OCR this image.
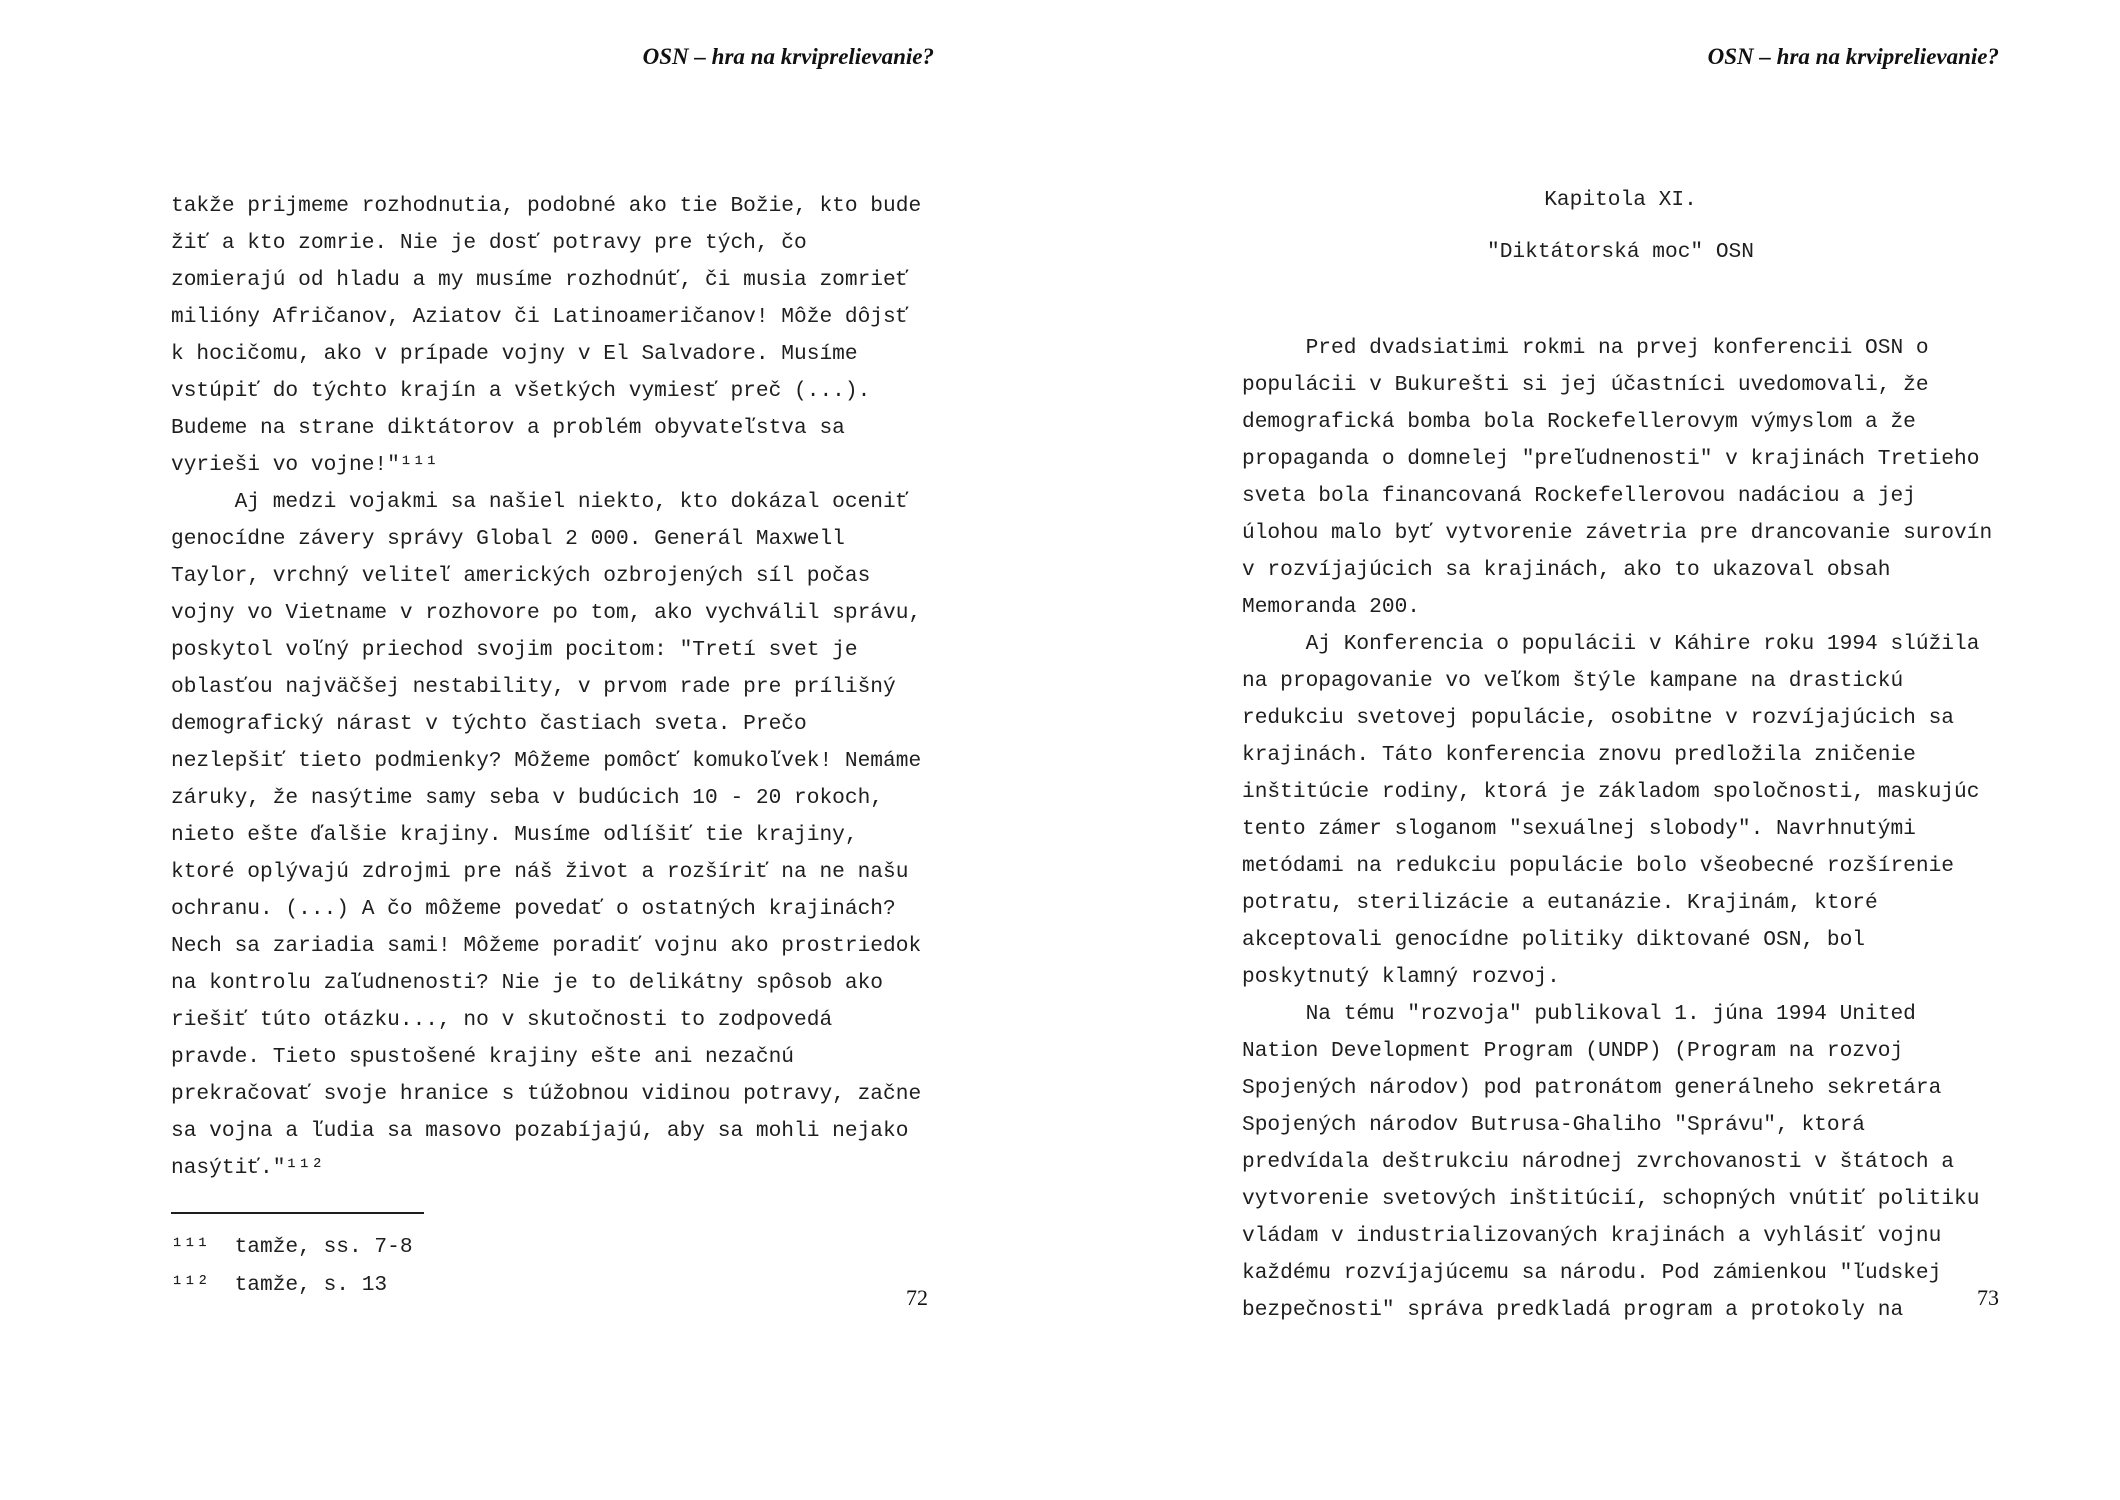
OSN – hra na krviprelievanie?
takže prijmeme rozhodnutia, podobné ako tie Božie, kto bude
žiť a kto zomrie. Nie je dosť potravy pre tých, čo
zomierajú od hladu a my musíme rozhodnúť, či musia zomrieť
milióny Afričanov, Aziatov či Latinoameričanov! Môže dôjsť
k hocičomu, ako v prípade vojny v El Salvadore. Musíme
vstúpiť do týchto krajín a všetkých vymiesť preč (...).
Budeme na strane diktátorov a problém obyvateľstva sa
vyrieši vo vojne!"¹¹¹
Aj medzi vojakmi sa našiel niekto, kto dokázal oceniť
genocídne závery správy Global 2 000. Generál Maxwell
Taylor, vrchný veliteľ amerických ozbrojených síl počas
vojny vo Vietname v rozhovore po tom, ako vychválil správu,
poskytol voľný priechod svojim pocitom: "Tretí svet je
oblasťou najväčšej nestability, v prvom rade pre prílišný
demografický nárast v týchto častiach sveta. Prečo
nezlepšiť tieto podmienky? Môžeme pomôcť komukoľvek! Nemáme
záruky, že nasýtime samy seba v budúcich 10 - 20 rokoch,
nieto ešte ďalšie krajiny. Musíme odlíšiť tie krajiny,
ktoré oplývajú zdrojmi pre náš život a rozšíriť na ne našu
ochranu. (...) A čo môžeme povedať o ostatných krajinách?
Nech sa zariadia sami! Môžeme poradiť vojnu ako prostriedok
na kontrolu zaľudnenosti? Nie je to delikátny spôsob ako
riešiť túto otázku..., no v skutočnosti to zodpovedá
pravde. Tieto spustošené krajiny ešte ani nezačnú
prekračovať svoje hranice s túžobnou vidinou potravy, začne
sa vojna a ľudia sa masovo pozabíjajú, aby sa mohli nejako
nasýtiť."¹¹²
¹¹¹  tamže, ss. 7-8
¹¹²  tamže, s. 13	72
OSN – hra na krviprelievanie?
Kapitola XI.
"Diktátorská moc" OSN
Pred dvadsiatimi rokmi na prvej konferencii OSN o
populácii v Bukurešti si jej účastníci uvedomovali, že
demografická bomba bola Rockefellerovym výmyslom a že
propaganda o domnelej "preľudnenosti" v krajinách Tretieho
sveta bola financovaná Rockefellerovou nadáciou a jej
úlohou malo byť vytvorenie závetria pre drancovanie surovín
v rozvíjajúcich sa krajinách, ako to ukazoval obsah
Memoranda 200.
Aj Konferencia o populácii v Káhire roku 1994 slúžila
na propagovanie vo veľkom štýle kampane na drastickú
redukciu svetovej populácie, osobitne v rozvíjajúcich sa
krajinách. Táto konferencia znovu predložila zničenie
inštitúcie rodiny, ktorá je základom spoločnosti, maskujúc
tento zámer sloganom "sexuálnej slobody". Navrhnutými
metódami na redukciu populácie bolo všeobecné rozšírenie
potratu, sterilizácie a eutanázie. Krajinám, ktoré
akceptovali genocídne politiky diktované OSN, bol
poskytnutý klamný rozvoj.
Na tému "rozvoja" publikoval 1. júna 1994 United
Nation Development Program (UNDP) (Program na rozvoj
Spojených národov) pod patronátom generálneho sekretára
Spojených národov Butrusa-Ghaliho "Správu", ktorá
predvídala deštrukciu národnej zvrchovanosti v štátoch a
vytvorenie svetových inštitúcií, schopných vnútiť politiku
vládam v industrializovaných krajinách a vyhlásiť vojnu
každému rozvíjajúcemu sa národu. Pod zámienkou "ľudskej
bezpečnosti" správa predkladá program a protokoly na	73
